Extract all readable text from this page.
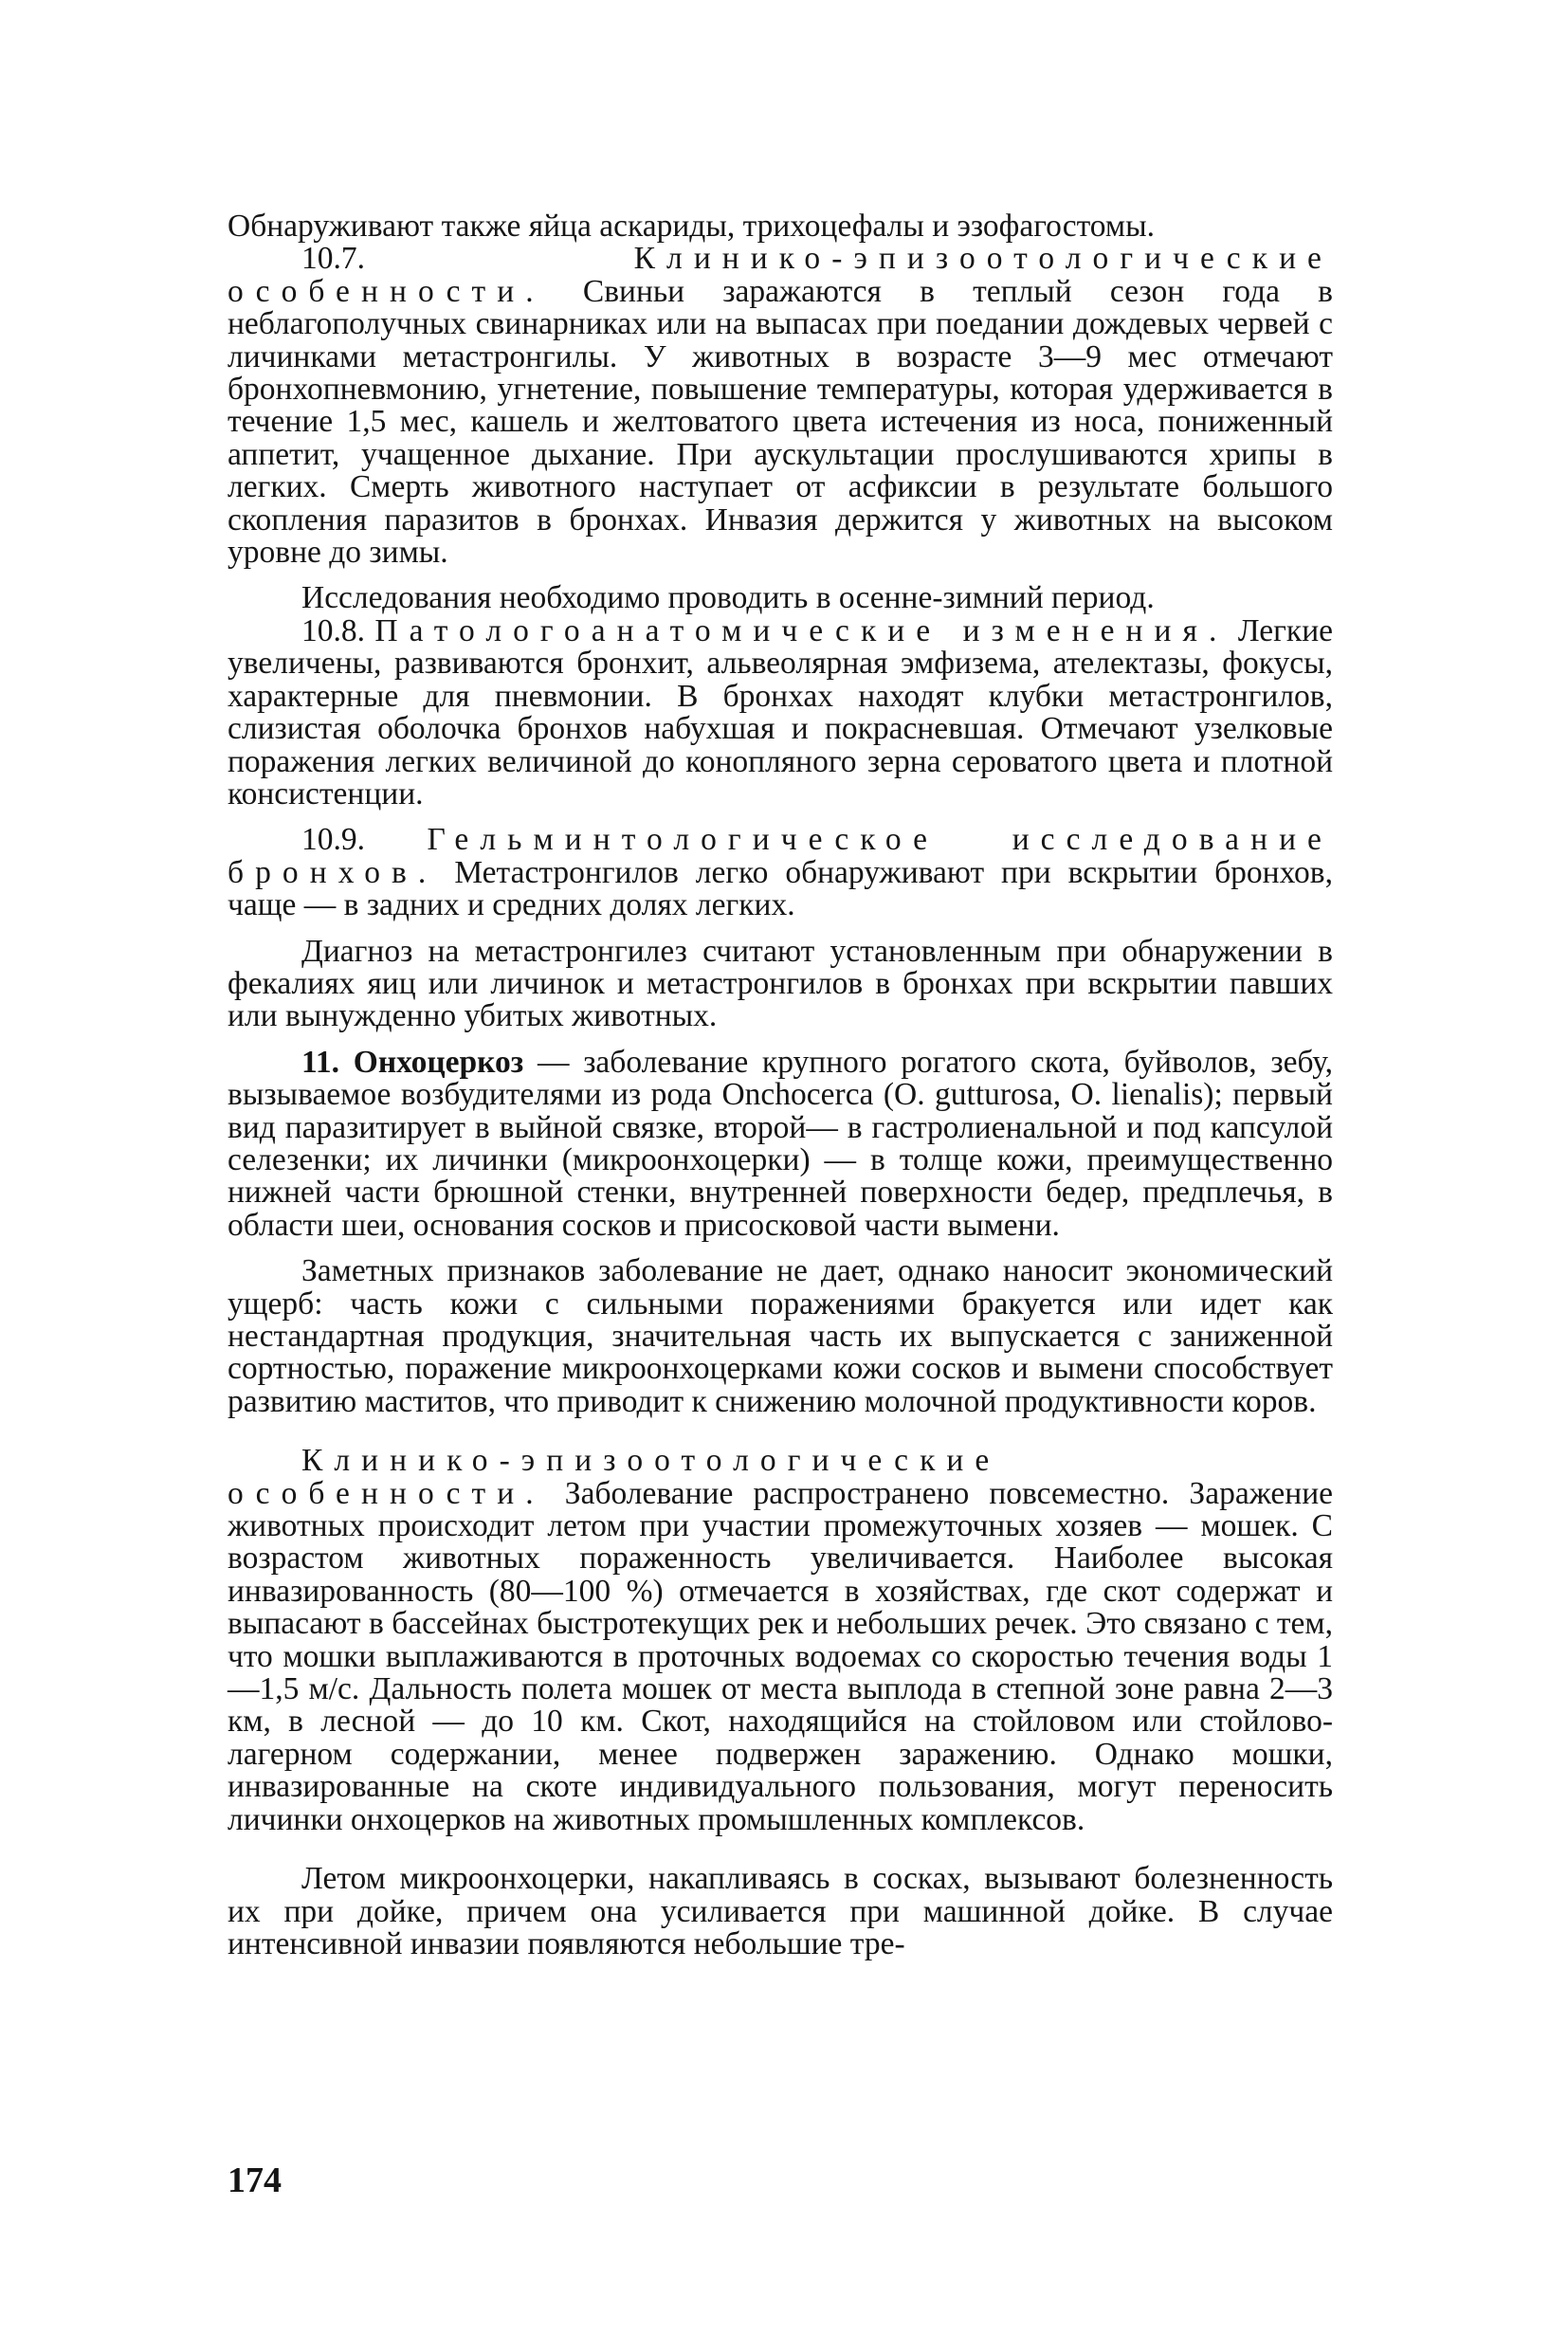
Обнаруживают также яйца аскариды, трихоцефалы и эзофагостомы.

10.7. Клинико-эпизоотологические особенности. Свиньи заражаются в теплый сезон года в неблагополучных свинарниках или на выпасах при поедании дождевых червей с личинками метастронгилы. У животных в возрасте 3—9 мес отмечают бронхопневмонию, угнетение, повышение температуры, которая удерживается в течение 1,5 мес, кашель и желтоватого цвета истечения из носа, пониженный аппетит, учащенное дыхание. При аускультации прослушиваются хрипы в легких. Смерть животного наступает от асфиксии в результате большого скопления паразитов в бронхах. Инвазия держится у животных на высоком уровне до зимы.

Исследования необходимо проводить в осенне-зимний период.

10.8. Патологоанатомические изменения. Легкие увеличены, развиваются бронхит, альвеолярная эмфизема, ателектазы, фокусы, характерные для пневмонии. В бронхах находят клубки метастронгилов, слизистая оболочка бронхов набухшая и покрасневшая. Отмечают узелковые поражения легких величиной до конопляного зерна сероватого цвета и плотной консистенции.

10.9. Гельминтологическое исследование бронхов. Метастронгилов легко обнаруживают при вскрытии бронхов, чаще — в задних и средних долях легких.

Диагноз на метастронгилез считают установленным при обнаружении в фекалиях яиц или личинок и метастронгилов в бронхах при вскрытии павших или вынужденно убитых животных.

11. Онхоцеркоз — заболевание крупного рогатого скота, буйволов, зебу, вызываемое возбудителями из рода Onchocerca (O. gutturosa, O. lienalis); первый вид паразитирует в выйной связке, второй— в гастролиенальной и под капсулой селезенки; их личинки (микроонхоцерки) — в толще кожи, преимущественно нижней части брюшной стенки, внутренней поверхности бедер, предплечья, в области шеи, основания сосков и присосковой части вымени.

Заметных признаков заболевание не дает, однако наносит экономический ущерб: часть кожи с сильными поражениями бракуется или идет как нестандартная продукция, значительная часть их выпускается с заниженной сортностью, поражение микроонхоцерками кожи сосков и вымени способствует развитию маститов, что приводит к снижению молочной продуктивности коров.

Клинико-эпизоотологические особенности. Заболевание распространено повсеместно. Заражение животных происходит летом при участии промежуточных хозяев — мошек. С возрастом животных пораженность увеличивается. Наиболее высокая инвазированность (80—100 %) отмечается в хозяйствах, где скот содержат и выпасают в бассейнах быстротекущих рек и небольших речек. Это связано с тем, что мошки выплаживаются в проточных водоемах со скоростью течения воды 1—1,5 м/с. Дальность полета мошек от места выплода в степной зоне равна 2—3 км, в лесной — до 10 км. Скот, находящийся на стойловом или стойлово-лагерном содержании, менее подвержен заражению. Однако мошки, инвазированные на скоте индивидуального пользования, могут переносить личинки онхоцерков на животных промышленных комплексов.

Летом микроонхоцерки, накапливаясь в сосках, вызывают болезненность их при дойке, причем она усиливается при машинной дойке. В случае интенсивной инвазии появляются небольшие тре-

174
